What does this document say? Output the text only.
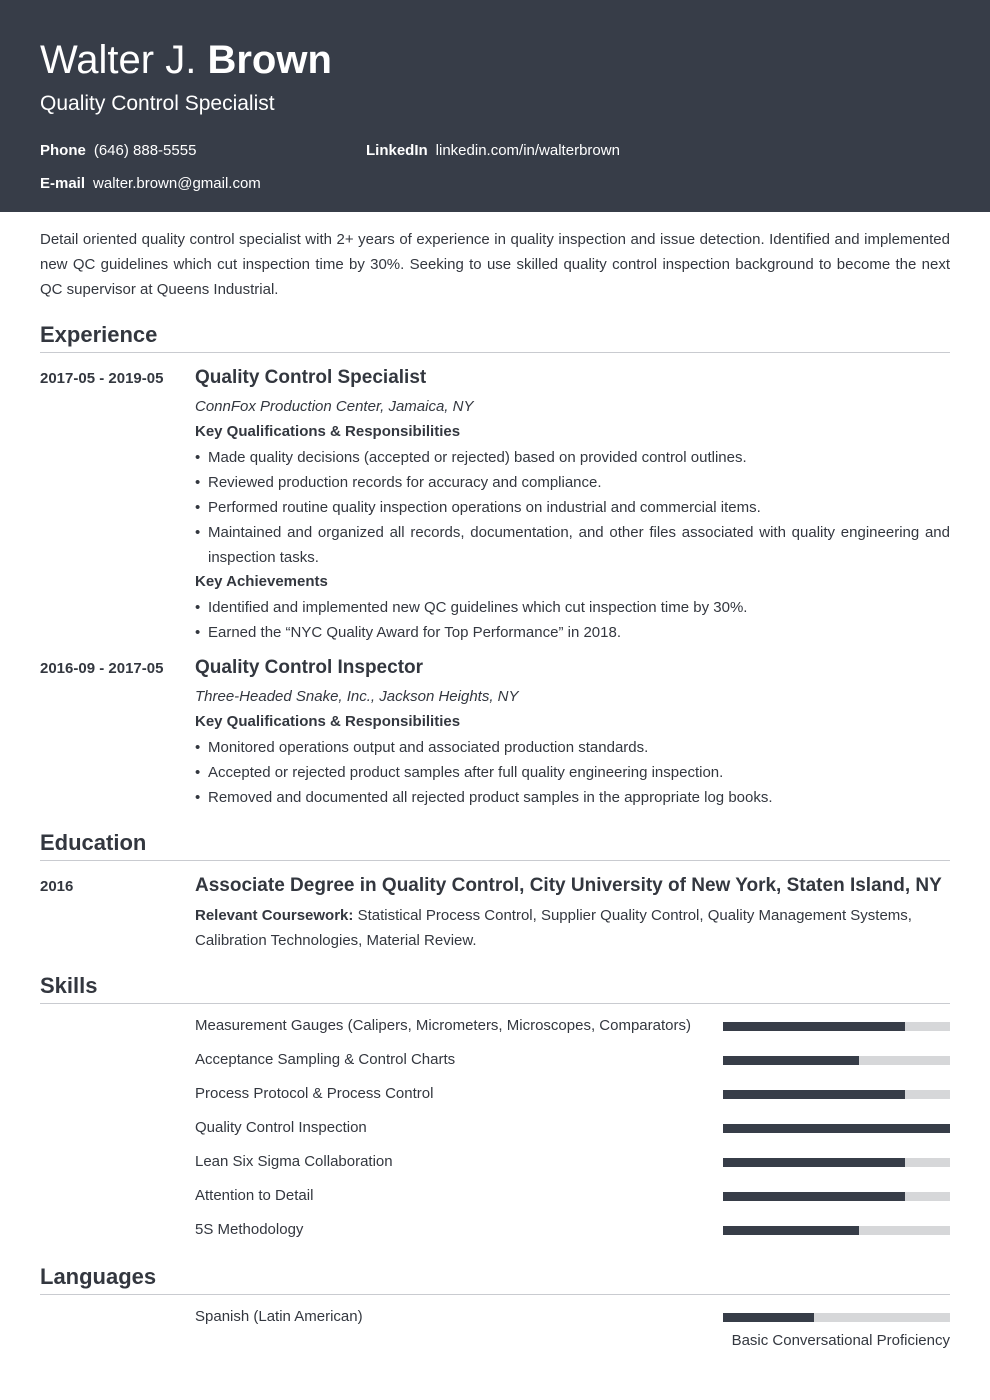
Walter J. Brown
Quality Control Specialist
Phone (646) 888-5555	LinkedIn linkedin.com/in/walterbrown
E-mail walter.brown@gmail.com
Detail oriented quality control specialist with 2+ years of experience in quality inspection and issue detection. Identified and implemented new QC guidelines which cut inspection time by 30%. Seeking to use skilled quality control inspection background to become the next QC supervisor at Queens Industrial.
Experience
2017-05 - 2019-05 Quality Control Specialist
ConnFox Production Center, Jamaica, NY
Key Qualifications & Responsibilities
• Made quality decisions (accepted or rejected) based on provided control outlines.
• Reviewed production records for accuracy and compliance.
• Performed routine quality inspection operations on industrial and commercial items.
• Maintained and organized all records, documentation, and other files associated with quality engineering and inspection tasks.
Key Achievements
• Identified and implemented new QC guidelines which cut inspection time by 30%.
• Earned the “NYC Quality Award for Top Performance” in 2018.
2016-09 - 2017-05 Quality Control Inspector
Three-Headed Snake, Inc., Jackson Heights, NY
Key Qualifications & Responsibilities
• Monitored operations output and associated production standards.
• Accepted or rejected product samples after full quality engineering inspection.
• Removed and documented all rejected product samples in the appropriate log books.
Education
2016	Associate Degree in Quality Control, City University of New York, Staten Island, NY
Relevant Coursework: Statistical Process Control, Supplier Quality Control, Quality Management Systems, Calibration Technologies, Material Review.
Skills
Measurement Gauges (Calipers, Micrometers, Microscopes, Comparators)
Acceptance Sampling & Control Charts
Process Protocol & Process Control
Quality Control Inspection
Lean Six Sigma Collaboration
Attention to Detail
5S Methodology
Languages
Spanish (Latin American)
Basic Conversational Proficiency
